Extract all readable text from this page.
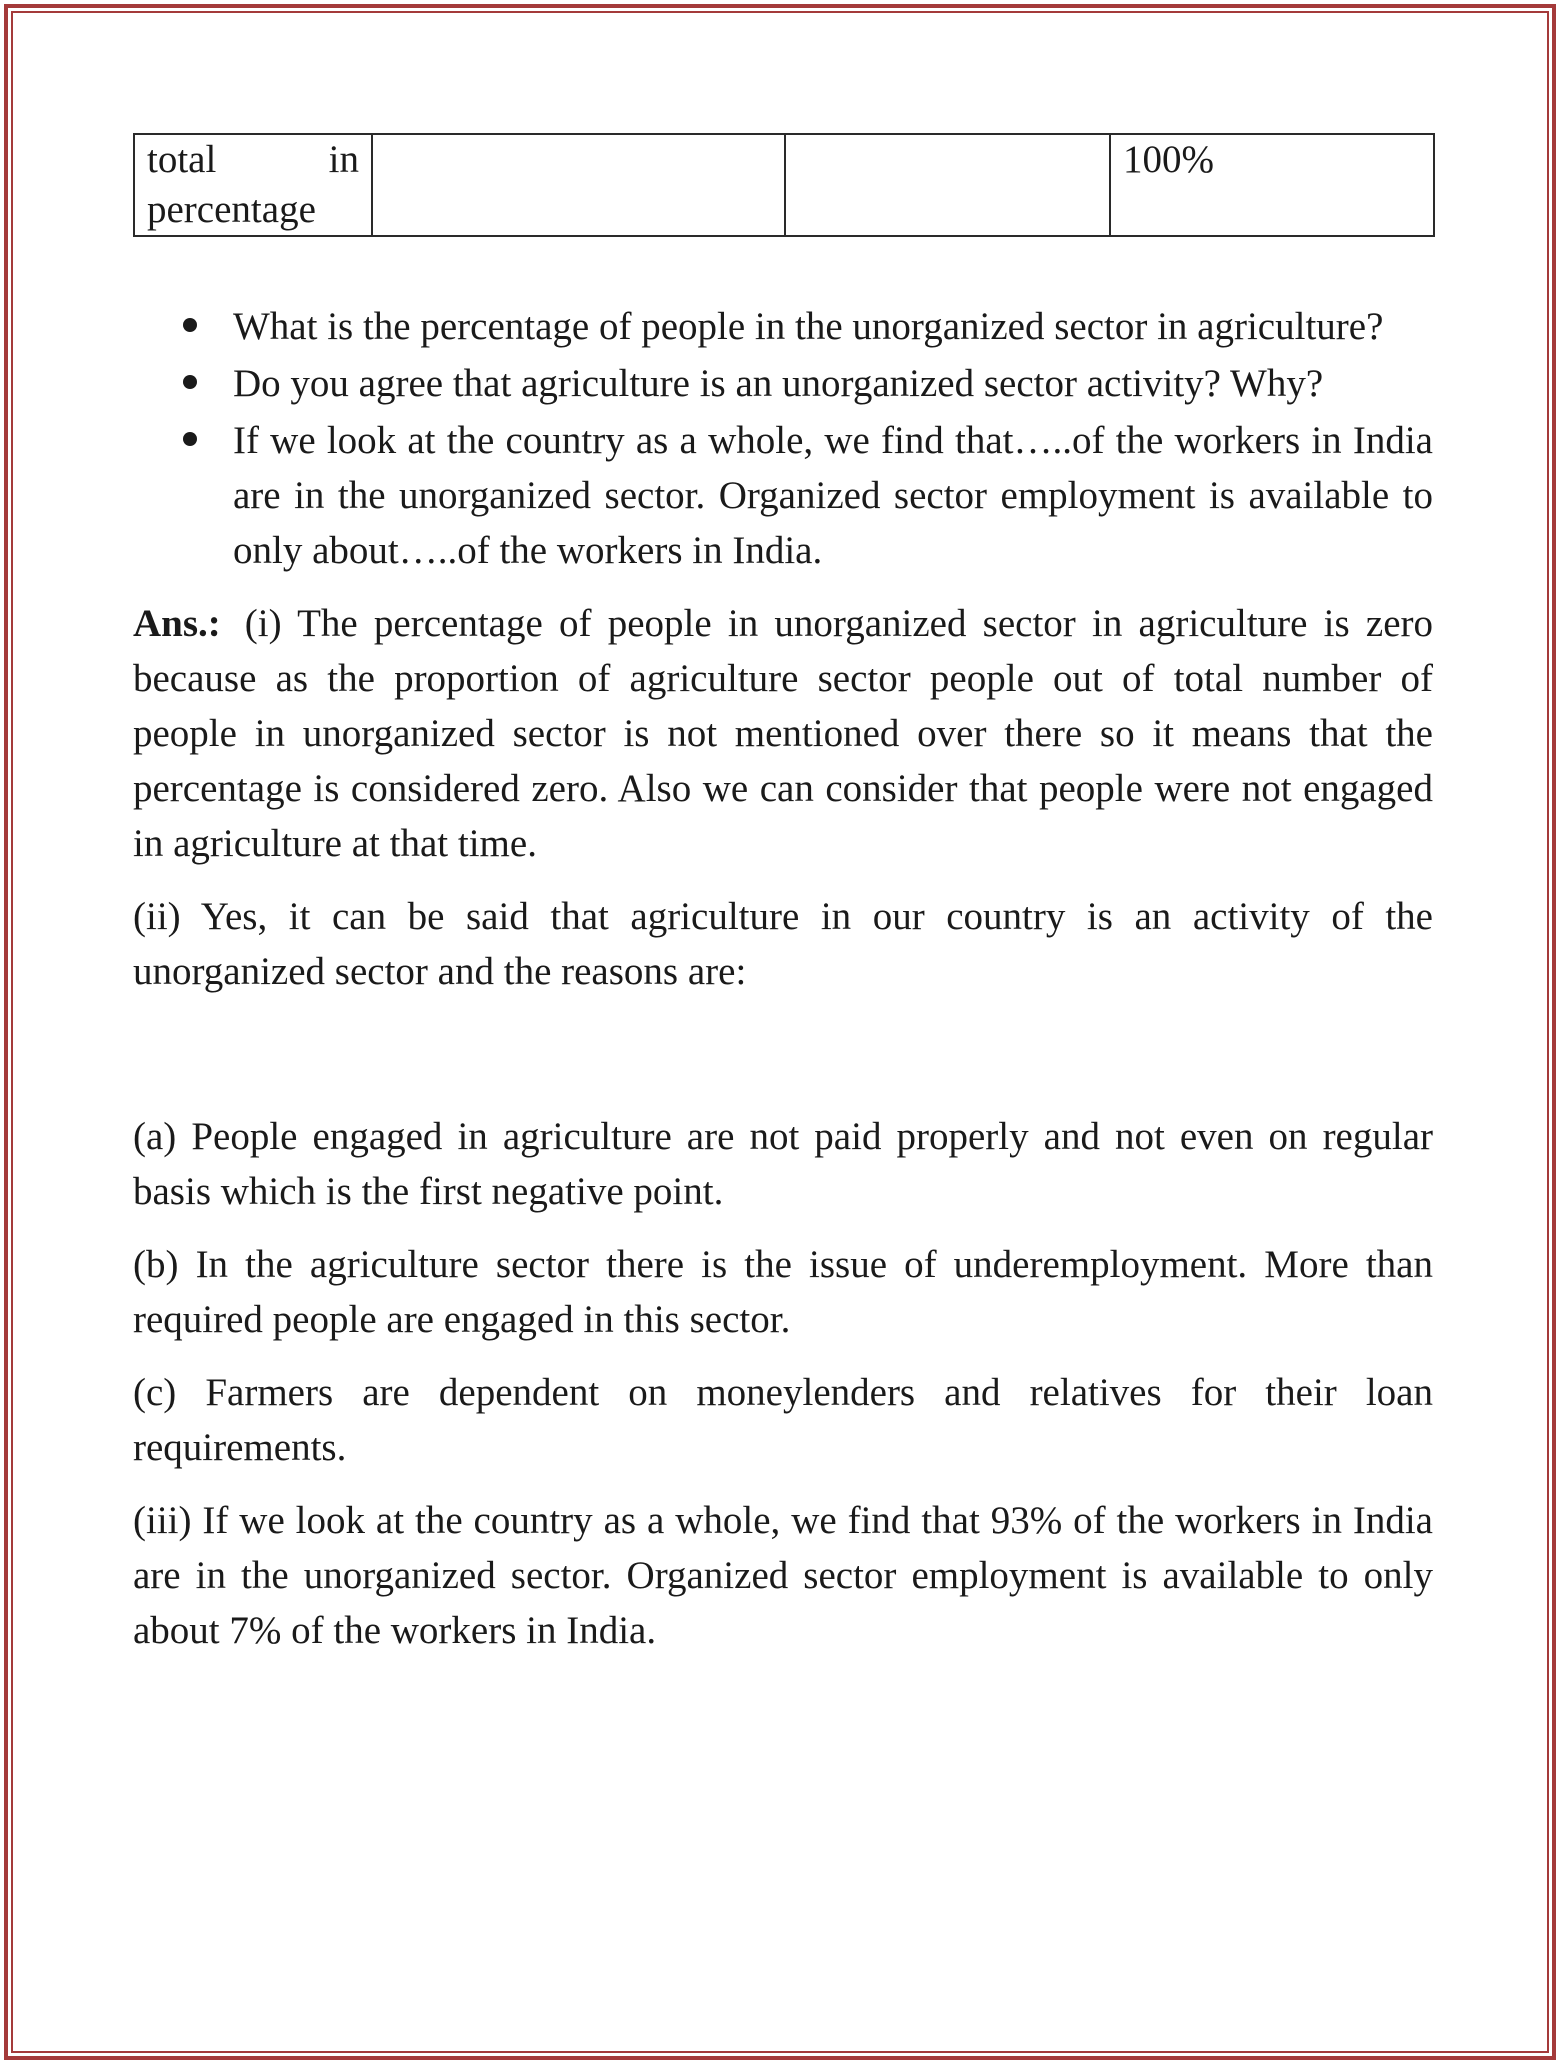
total in
percentage
			100%
What is the percentage of people in the unorganized sector in agriculture?
Do you agree that agriculture is an unorganized sector activity? Why?
If we look at the country as a whole, we find that…..of the workers in India are in the unorganized sector. Organized sector employment is available to only about…..of the workers in India.

Ans.: (i) The percentage of people in unorganized sector in agriculture is zero because as the proportion of agriculture sector people out of total number of people in unorganized sector is not mentioned over there so it means that the percentage is considered zero. Also we can consider that people were not engaged in agriculture at that time.

(ii) Yes, it can be said that agriculture in our country is an activity of the unorganized sector and the reasons are:

(a) People engaged in agriculture are not paid properly and not even on regular basis which is the first negative point.

(b) In the agriculture sector there is the issue of underemployment. More than required people are engaged in this sector.

(c) Farmers are dependent on moneylenders and relatives for their loan requirements.

(iii) If we look at the country as a whole, we find that 93% of the workers in India are in the unorganized sector. Organized sector employment is available to only about 7% of the workers in India.
